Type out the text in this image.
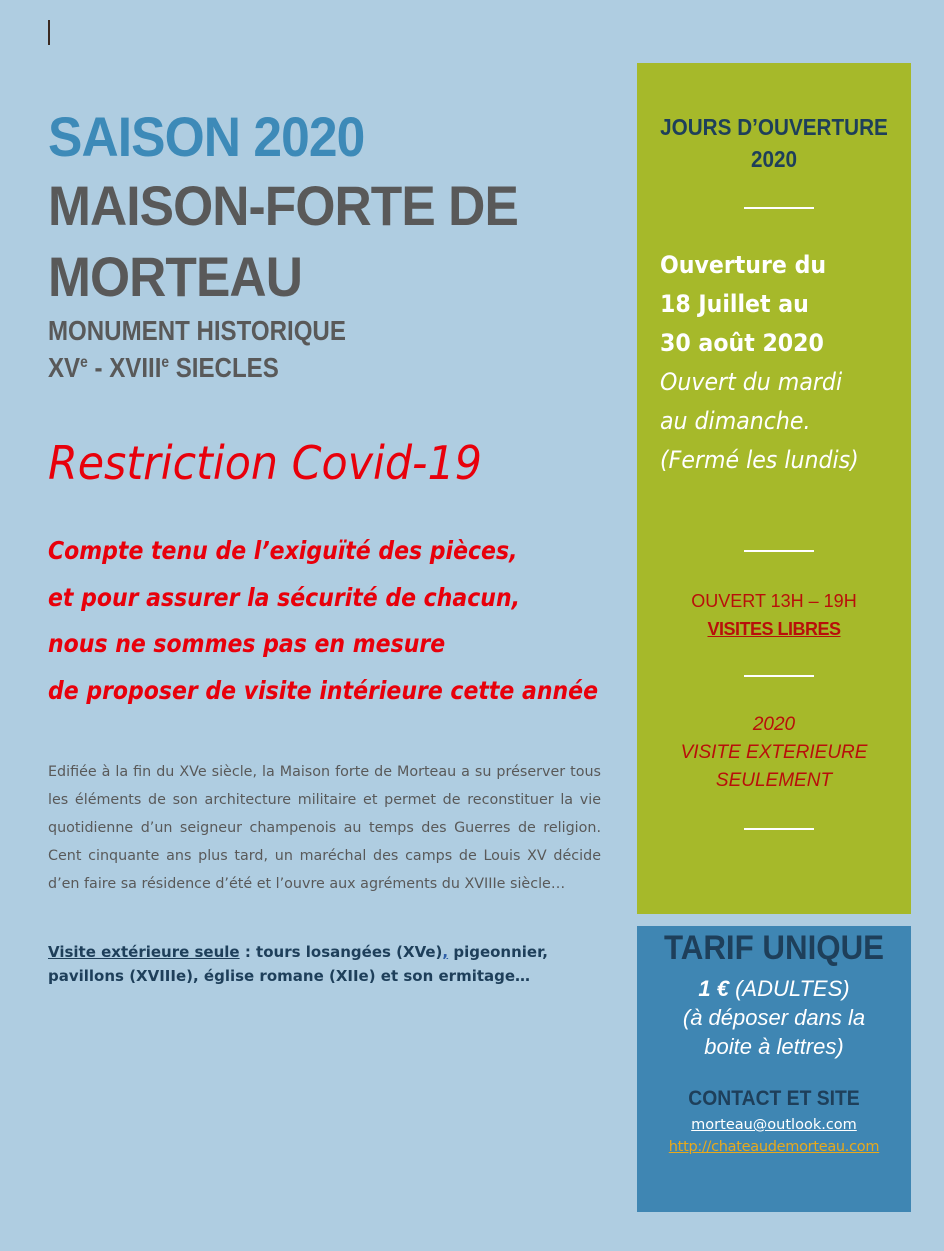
SAISON 2020
MAISON-FORTE DE
MORTEAU
MONUMENT HISTORIQUE
XVe - XVIIIe SIECLES
Restriction Covid-19
Compte tenu de l’exiguïté des pièces,
et pour assurer la sécurité de chacun,
nous ne sommes pas en mesure
de proposer de visite intérieure cette année
Edifiée à la fin du XVe siècle, la Maison forte de Morteau a su préserver tous les éléments de son architecture militaire et permet de reconstituer la vie quotidienne d’un seigneur champenois au temps des Guerres de religion. Cent cinquante ans plus tard, un maréchal des camps de Louis XV décide d’en faire sa résidence d’été et l’ouvre aux agréments du XVIIIe siècle…
Visite extérieure seule : tours losangées (XVe), pigeonnier, pavillons (XVIIIe), église romane (XIIe) et son ermitage…
JOURS D’OUVERTURE
2020
Ouverture du
18 Juillet au
30 août 2020
Ouvert du mardi
au dimanche.
(Fermé les lundis)
OUVERT 13H – 19H
VISITES LIBRES
2020
VISITE EXTERIEURE
SEULEMENT
TARIF UNIQUE
1 € (ADULTES)
(à déposer dans la
boite à lettres)
CONTACT ET SITE
morteau@outlook.com
http://chateaudemorteau.com
